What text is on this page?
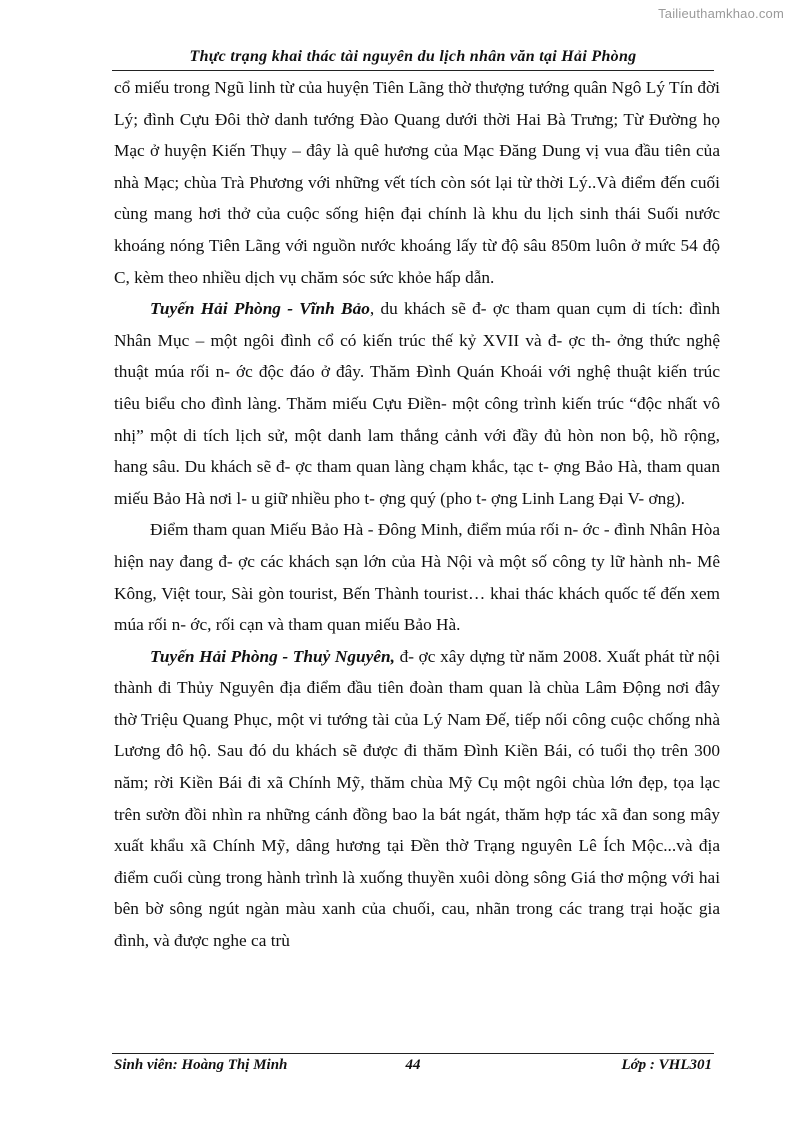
Tailieuthamkhao.com
Thực trạng khai thác tài nguyên du lịch nhân văn tại Hải Phòng

cổ miếu trong Ngũ linh từ của huyện Tiên Lãng thờ thượng tướng quân Ngô Lý Tín đời Lý; đình Cựu Đôi thờ danh tướng Đào Quang dưới thời Hai Bà Trưng; Từ Đường họ Mạc ở huyện Kiến Thụy – đây là quê hương của Mạc Đăng Dung vị vua đầu tiên của nhà Mạc; chùa Trà Phương với những vết tích còn sót lại từ thời Lý..Và điểm đến cuối cùng mang hơi thở của cuộc sống hiện đại chính là khu du lịch sinh thái Suối nước khoáng nóng Tiên Lãng với nguồn nước khoáng lấy từ độ sâu 850m luôn ở mức 54 độ C, kèm theo nhiều dịch vụ chăm sóc sức khỏe hấp dẫn.

Tuyến Hải Phòng - Vĩnh Bảo, du khách sẽ đ- ợc tham quan cụm di tích: đình Nhân Mục – một ngôi đình cổ có kiến trúc thế kỷ XVII và đ- ợc th- ởng thức nghệ thuật múa rối n- ớc độc đáo ở đây. Thăm Đình Quán Khoái với nghệ thuật kiến trúc tiêu biểu cho đình làng. Thăm miếu Cựu Điền- một công trình kiến trúc “độc nhất vô nhị” một di tích lịch sử, một danh lam thắng cảnh với đầy đủ hòn non bộ, hồ rộng, hang sâu. Du khách sẽ đ- ợc tham quan làng chạm khắc, tạc t- ợng Bảo Hà, tham quan miếu Bảo Hà nơi l- u giữ nhiều pho t- ợng quý (pho t- ợng Linh Lang Đại V- ơng).

Điểm tham quan Miếu Bảo Hà - Đông Minh, điểm múa rối n- ớc - đình Nhân Hòa hiện nay đang đ- ợc các khách sạn lớn của Hà Nội và một số công ty lữ hành nh- Mê Kông, Việt tour, Sài gòn tourist, Bến Thành tourist… khai thác khách quốc tế đến xem múa rối n- ớc, rối cạn và tham quan miếu Bảo Hà.

Tuyến Hải Phòng - Thuỷ Nguyên, đ- ợc xây dựng từ năm 2008. Xuất phát từ nội thành đi Thủy Nguyên địa điểm đầu tiên đoàn tham quan là chùa Lâm Động nơi đây thờ Triệu Quang Phục, một vi tướng tài của Lý Nam Đế, tiếp nối công cuộc chống nhà Lương đô hộ. Sau đó du khách sẽ được đi thăm Đình Kiền Bái, có tuổi thọ trên 300 năm; rời Kiền Bái đi xã Chính Mỹ, thăm chùa Mỹ Cụ một ngôi chùa lớn đẹp, tọa lạc trên sườn đồi nhìn ra những cánh đồng bao la bát ngát, thăm hợp tác xã đan song mây xuất khẩu xã Chính Mỹ, dâng hương tại Đền thờ Trạng nguyên Lê Ích Mộc...và địa điểm cuối cùng trong hành trình là xuống thuyền xuôi dòng sông Giá thơ mộng với hai bên bờ sông ngút ngàn màu xanh của chuối, cau, nhãn trong các trang trại hoặc gia đình, và được nghe ca trù

Sinh viên: Hoàng Thị Minh	44	Lớp : VHL301
